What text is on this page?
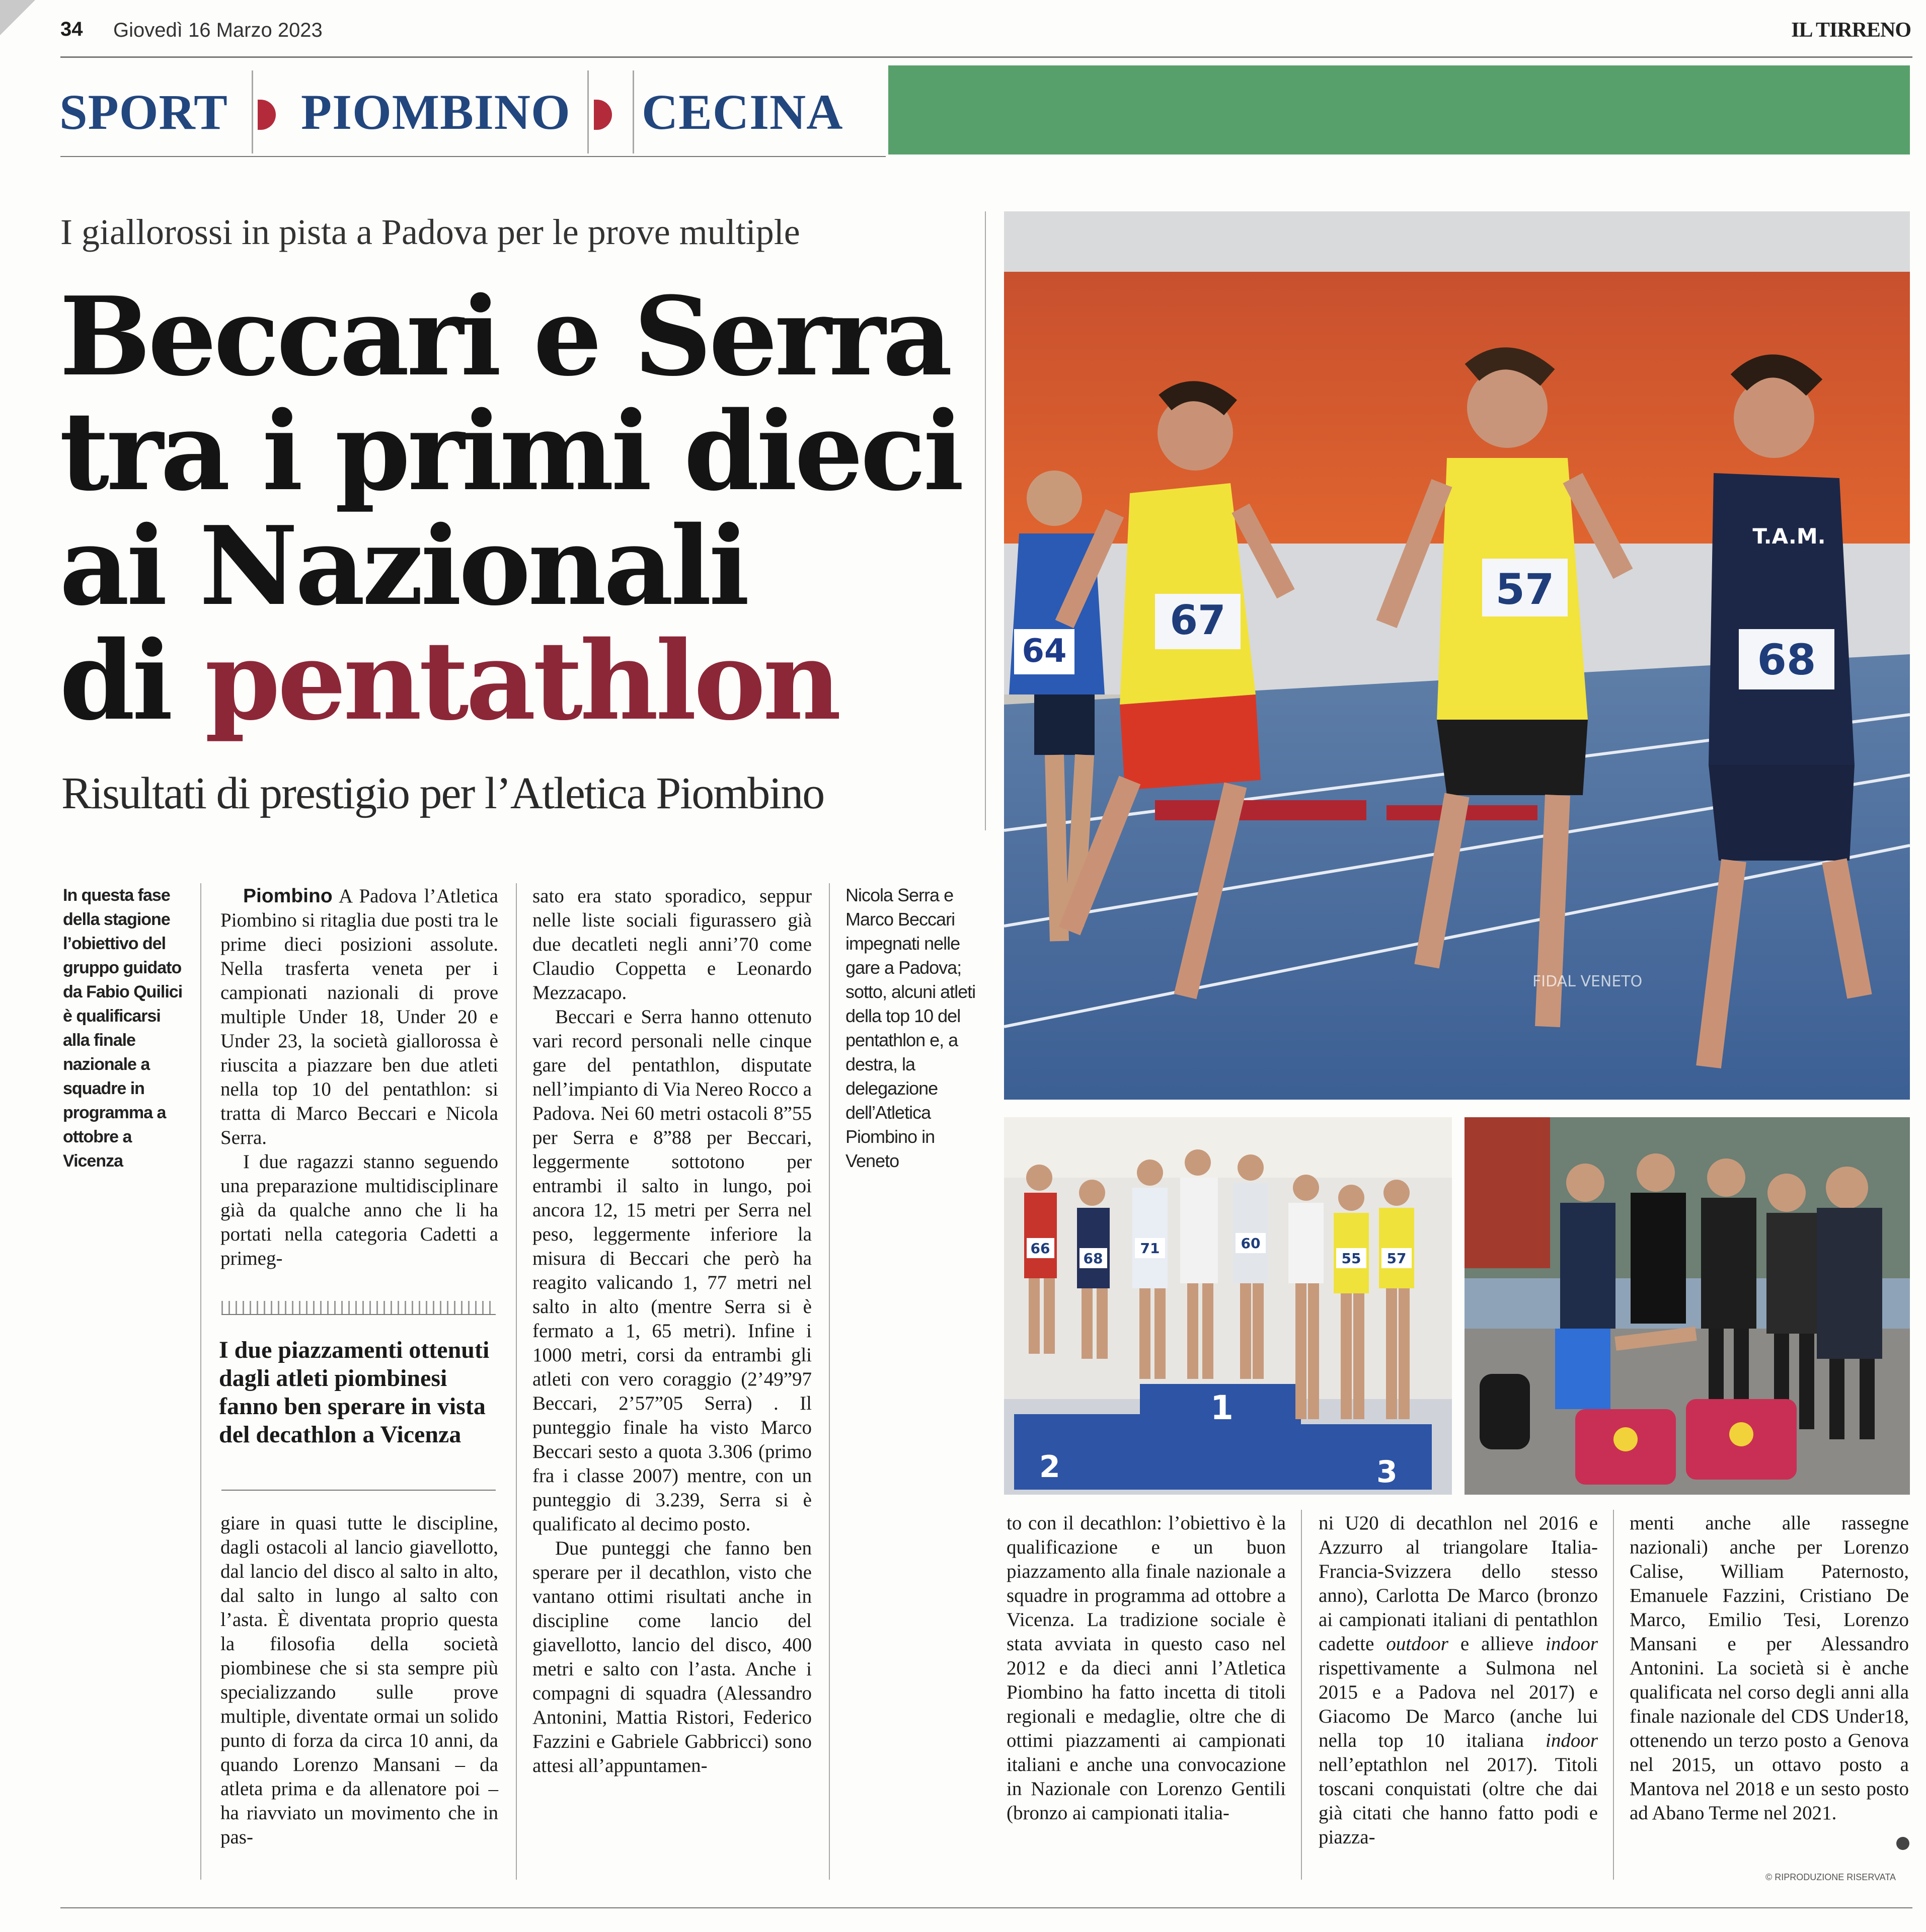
34 Giovedì 16 Marzo 2023	IL TIRRENO
SPORT PIOMBINO CECINA
I giallorossi in pista a Padova per le prove multiple
Beccari e Serra
tra i primi dieci
ai Nazionali
di pentathlon
Risultati di prestigio per l’Atletica Piombino
In questa fase della stagione l’obiettivo del gruppo guidato da Fabio Quilici è qualificarsi alla finale nazionale a squadre in programma a ottobre a Vicenza

Piombino A Padova l’Atletica Piombino si ritaglia due posti tra le prime dieci posizioni assolute. Nella trasferta veneta per i campionati nazionali di prove multiple Under 18, Under 20 e Under 23, la società giallorossa è riuscita a piazzare ben due atleti nella top 10 del pentathlon: si tratta di Marco Beccari e Nicola Serra.

I due ragazzi stanno seguendo una preparazione multidisciplinare già da qualche anno che li ha portati nella categoria Cadetti a primeg-

I due piazzamenti ottenuti dagli atleti piombinesi fanno ben sperare in vista del decathlon a Vicenza

giare in quasi tutte le discipline, dagli ostacoli al lancio giavellotto, dal lancio del disco al salto in alto, dal salto in lungo al salto con l’asta. È diventata proprio questa la filosofia della società piombinese che si sta sempre più specializzando sulle prove multiple, diventate ormai un solido punto di forza da circa 10 anni, da quando Lorenzo Mansani – da atleta prima e da allenatore poi – ha riavviato un movimento che in pas-

sato era stato sporadico, seppur nelle liste sociali figurassero già due decatleti negli anni’70 come Claudio Coppetta e Leonardo Mezzacapo.

Beccari e Serra hanno ottenuto vari record personali nelle cinque gare del pentathlon, disputate nell’impianto di Via Nereo Rocco a Padova. Nei 60 metri ostacoli 8”55 per Serra e 8”88 per Beccari, leggermente sottotono per entrambi il salto in lungo, poi ancora 12, 15 metri per Serra nel peso, leggermente inferiore la misura di Beccari che però ha reagito valicando 1, 77 metri nel salto in alto (mentre Serra si è fermato a 1, 65 metri). Infine i 1000 metri, corsi da entrambi gli atleti con vero coraggio (2’49”97 Beccari, 2’57”05 Serra) . Il punteggio finale ha visto Marco Beccari sesto a quota 3.306 (primo fra i classe 2007) mentre, con un punteggio di 3.239, Serra si è qualificato al decimo posto.

Due punteggi che fanno ben sperare per il decathlon, visto che vantano ottimi risultati anche in discipline come lancio del giavellotto, lancio del disco, 400 metri e salto con l’asta. Anche i compagni di squadra (Alessandro Antonini, Mattia Ristori, Federico Fazzini e Gabriele Gabbricci) sono attesi all’appuntamen-

Nicola Serra e Marco Beccari impegnati nelle gare a Padova; sotto, alcuni atleti della top 10 del pentathlon e, a destra, la delegazione dell’Atletica Piombino in Veneto
64
67
57
T.A.M.
68
FIDAL VENETO
2
1
3
66
68
71	60
55 57

to con il decathlon: l’obiettivo è la qualificazione e un buon piazzamento alla finale nazionale a squadre in programma ad ottobre a Vicenza. La tradizione sociale è stata avviata in questo caso nel 2012 e da dieci anni l’Atletica Piombino ha fatto incetta di titoli regionali e medaglie, oltre che di ottimi piazzamenti ai campionati italiani e anche una convocazione in Nazionale con Lorenzo Gentili (bronzo ai campionati italia-

ni U20 di decathlon nel 2016 e Azzurro al triangolare Italia-Francia-Svizzera dello stesso anno), Carlotta De Marco (bronzo ai campionati italiani di pentathlon cadette outdoor e allieve indoor rispettivamente a Sulmona nel 2015 e a Padova nel 2017) e Giacomo De Marco (anche lui nella top 10 italiana indoor nell’eptathlon nel 2017). Titoli toscani conquistati (oltre che dai già citati che hanno fatto podi e piazza-

menti anche alle rassegne nazionali) anche per Lorenzo Calise, William Paternosto, Emanuele Fazzini, Cristiano De Marco, Emilio Tesi, Lorenzo Mansani e per Alessandro Antonini. La società si è anche qualificata nel corso degli anni alla finale nazionale del CDS Under18, ottenendo un terzo posto a Genova nel 2015, un ottavo posto a Mantova nel 2018 e un sesto posto ad Abano Terme nel 2021.

© RIPRODUZIONE RISERVATA
